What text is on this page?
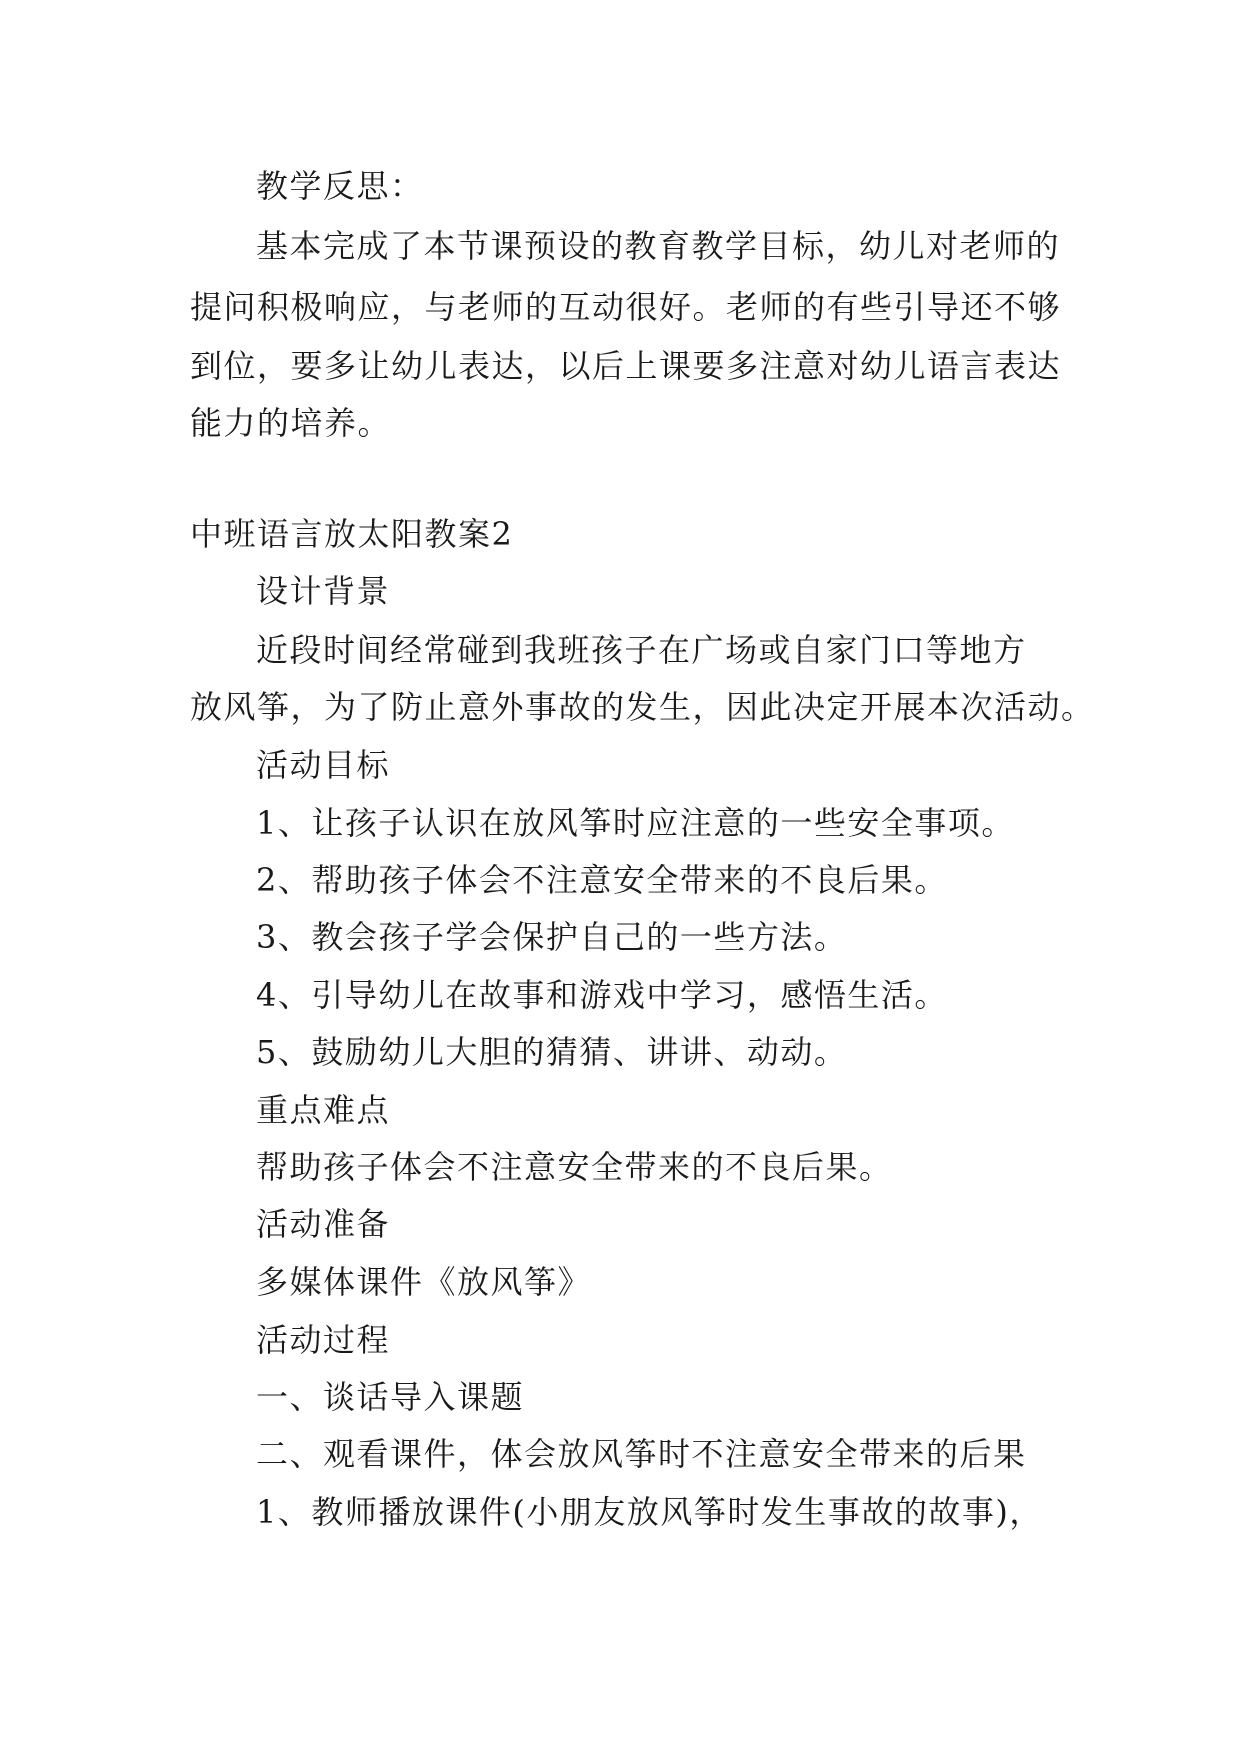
教学反思：
基本完成了本节课预设的教育教学目标，幼儿对老师的
提问积极响应，与老师的互动很好。老师的有些引导还不够
到位，要多让幼儿表达，以后上课要多注意对幼儿语言表达
能力的培养。
中班语言放太阳教案2
设计背景
近段时间经常碰到我班孩子在广场或自家门口等地方
放风筝，为了防止意外事故的发生，因此决定开展本次活动。
活动目标
1、让孩子认识在放风筝时应注意的一些安全事项。
2、帮助孩子体会不注意安全带来的不良后果。
3、教会孩子学会保护自己的一些方法。
4、引导幼儿在故事和游戏中学习，感悟生活。
5、鼓励幼儿大胆的猜猜、讲讲、动动。
重点难点
帮助孩子体会不注意安全带来的不良后果。
活动准备
多媒体课件《放风筝》
活动过程
一、谈话导入课题
二、观看课件，体会放风筝时不注意安全带来的后果
1、教师播放课件(小朋友放风筝时发生事故的故事)，
